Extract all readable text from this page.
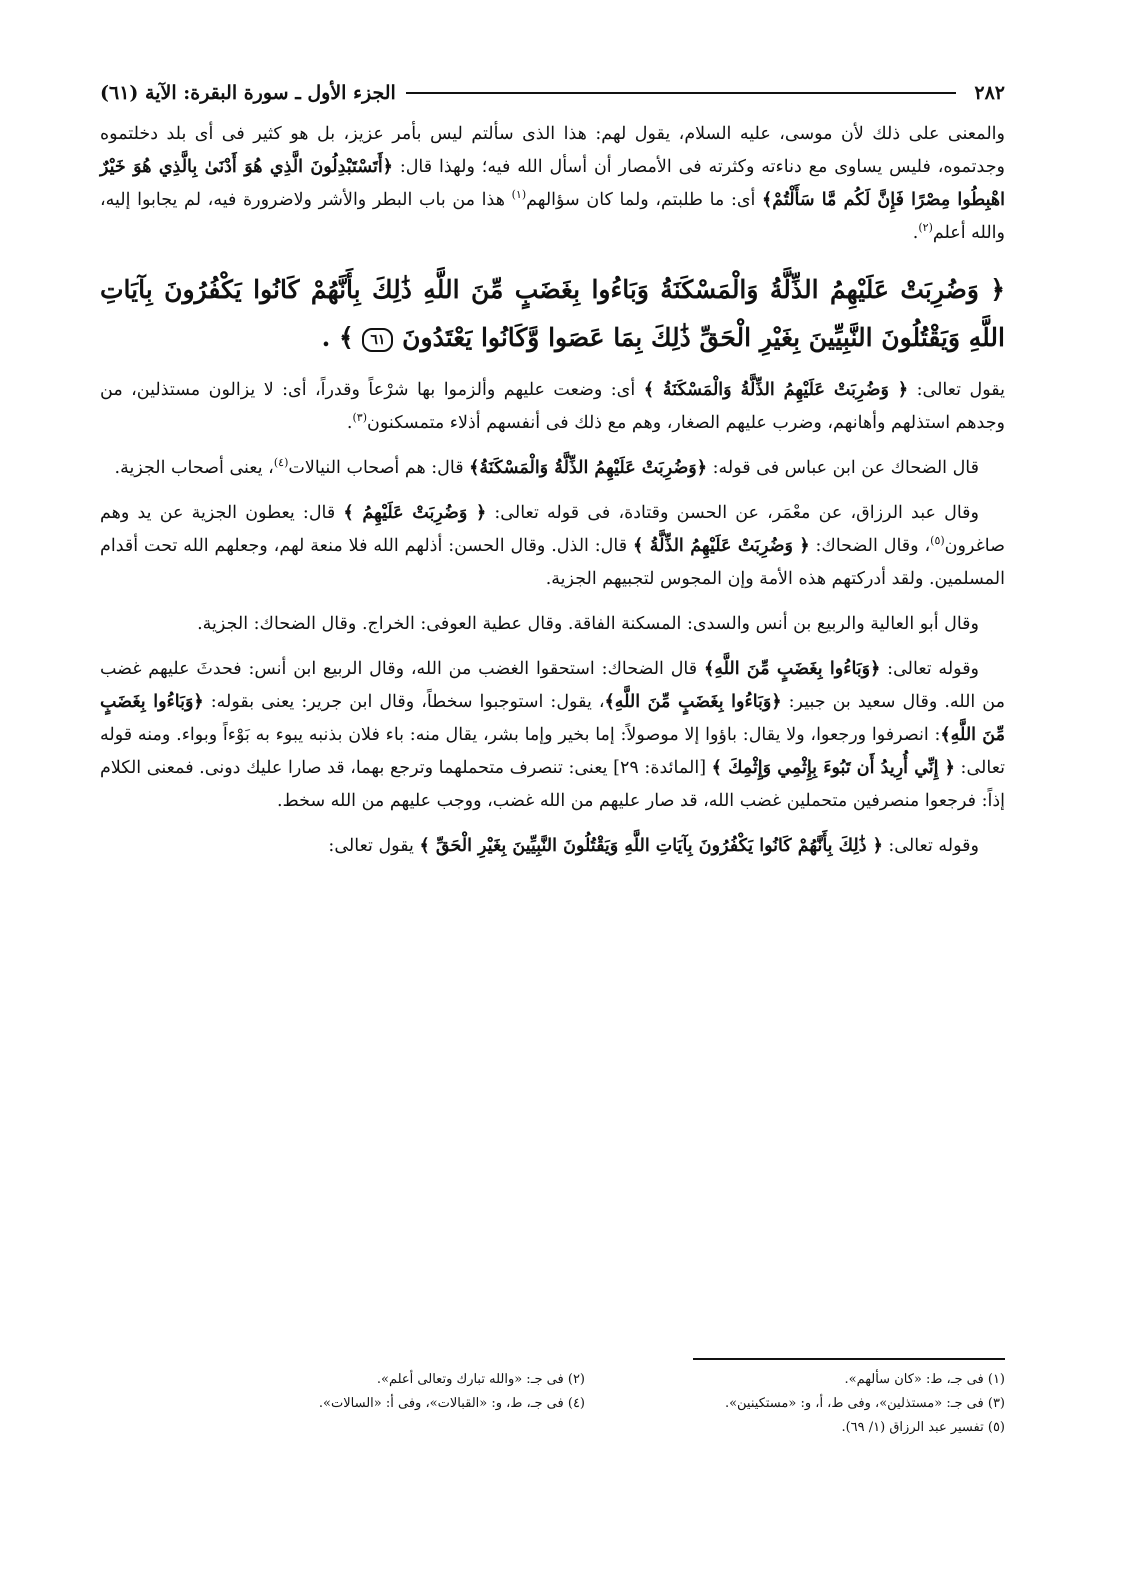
٢٨٢
الجزء الأول ـ سورة البقرة: الآية (٦١)

والمعنى على ذلك لأن موسى، عليه السلام، يقول لهم: هذا الذى سألتم ليس بأمر عزيز، بل هو كثير فى أى بلد دخلتموه وجدتموه، فليس يساوى مع دناءته وكثرته فى الأمصار أن أسأل الله فيه؛ ولهذا قال: ﴿أَتَسْتَبْدِلُونَ الَّذِي هُوَ أَدْنَىٰ بِالَّذِي هُوَ خَيْرٌ اهْبِطُوا مِصْرًا فَإِنَّ لَكُم مَّا سَأَلْتُمْ﴾ أى: ما طلبتم، ولما كان سؤالهم$^{(١)}$ هذا من باب البطر والأشر ولاضرورة فيه، لم يجابوا إليه، والله أعلم$^{(٢)}$.

﴿ وَضُرِبَتْ عَلَيْهِمُ الذِّلَّةُ وَالْمَسْكَنَةُ وَبَاءُوا بِغَضَبٍ مِّنَ اللَّهِ ذَٰلِكَ بِأَنَّهُمْ كَانُوا يَكْفُرُونَ بِآيَاتِ اللَّهِ وَيَقْتُلُونَ النَّبِيِّينَ بِغَيْرِ الْحَقِّ ذَٰلِكَ بِمَا عَصَوا وَّكَانُوا يَعْتَدُونَ ٦١ ﴾ .

يقول تعالى: ﴿ وَضُرِبَتْ عَلَيْهِمُ الذِّلَّةُ وَالْمَسْكَنَةُ ﴾ أى: وضعت عليهم وألزموا بها شرْعاً وقدراً، أى: لا يزالون مستذلين، من وجدهم استذلهم وأهانهم، وضرب عليهم الصغار، وهم مع ذلك فى أنفسهم أذلاء متمسكنون$^{(٣)}$.

قال الضحاك عن ابن عباس فى قوله: ﴿وَضُرِبَتْ عَلَيْهِمُ الذِّلَّةُ وَالْمَسْكَنَةُ﴾ قال: هم أصحاب النيالات$^{(٤)}$، يعنى أصحاب الجزية.

وقال عبد الرزاق، عن معْمَر، عن الحسن وقتادة، فى قوله تعالى: ﴿ وَضُرِبَتْ عَلَيْهِمُ ﴾ قال: يعطون الجزية عن يد وهم صاغرون$^{(٥)}$، وقال الضحاك: ﴿ وَضُرِبَتْ عَلَيْهِمُ الذِّلَّةُ ﴾ قال: الذل. وقال الحسن: أذلهم الله فلا منعة لهم، وجعلهم الله تحت أقدام المسلمين. ولقد أدركتهم هذه الأمة وإن المجوس لتجبيهم الجزية.

وقال أبو العالية والربيع بن أنس والسدى: المسكنة الفاقة. وقال عطية العوفى: الخراج. وقال الضحاك: الجزية.

وقوله تعالى: ﴿وَبَاءُوا بِغَضَبٍ مِّنَ اللَّهِ﴾ قال الضحاك: استحقوا الغضب من الله، وقال الربيع ابن أنس: فحدثَ عليهم غضب من الله. وقال سعيد بن جبير: ﴿وَبَاءُوا بِغَضَبٍ مِّنَ اللَّهِ﴾، يقول: استوجبوا سخطاً، وقال ابن جرير: يعنى بقوله: ﴿وَبَاءُوا بِغَضَبٍ مِّنَ اللَّهِ﴾: انصرفوا ورجعوا، ولا يقال: باؤوا إلا موصولاً: إما بخير وإما بشر، يقال منه: باء فلان بذنبه يبوء به بَوْءاً وبواء. ومنه قوله تعالى: ﴿ إِنِّي أُرِيدُ أَن تَبُوءَ بِإِثْمِي وَإِثْمِكَ ﴾ [المائدة: ٢٩] يعنى: تنصرف متحملهما وترجع بهما، قد صارا عليك دونى. فمعنى الكلام إذاً: فرجعوا منصرفين متحملين غضب الله، قد صار عليهم من الله غضب، ووجب عليهم من الله سخط.

وقوله تعالى: ﴿ ذَٰلِكَ بِأَنَّهُمْ كَانُوا يَكْفُرُونَ بِآيَاتِ اللَّهِ وَيَقْتُلُونَ النَّبِيِّينَ بِغَيْرِ الْحَقِّ ﴾ يقول تعالى:

(١) فى جـ، ط: «كان سألهم».
(٢) فى جـ: «والله تبارك وتعالى أعلم».
(٣) فى جـ: «مستذلين»، وفى ط، أ، و: «مستكينين».
(٤) فى جـ، ط، و: «القبالات»، وفى أ: «السالات».
(٥) تفسير عبد الرزاق (١/ ٦٩).
